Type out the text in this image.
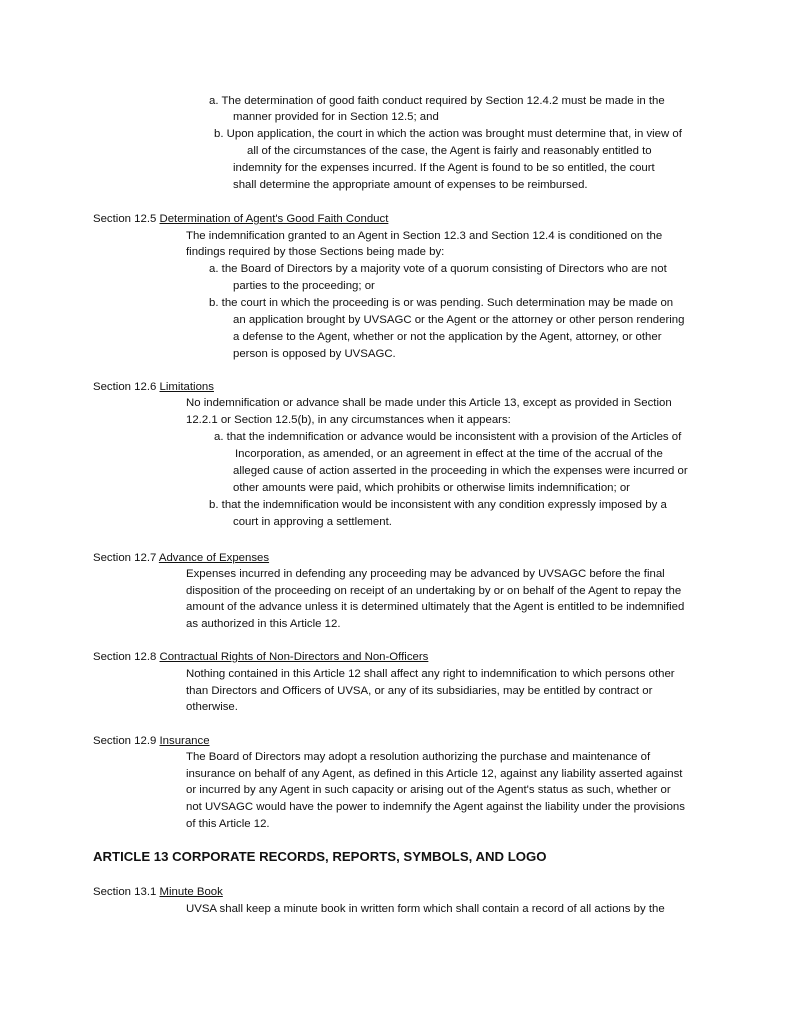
a. The determination of good faith conduct required by Section 12.4.2 must be made in the
manner provided for in Section 12.5; and
b. Upon application, the court in which the action was brought must determine that, in view of
all of the circumstances of the case, the Agent is fairly and reasonably entitled to
indemnity for the expenses incurred. If the Agent is found to be so entitled, the court
shall determine the appropriate amount of expenses to be reimbursed.
Section 12.5 Determination of Agent's Good Faith Conduct
The indemnification granted to an Agent in Section 12.3 and Section 12.4 is conditioned on the
findings required by those Sections being made by:
a. the Board of Directors by a majority vote of a quorum consisting of Directors who are not
parties to the proceeding; or
b. the court in which the proceeding is or was pending. Such determination may be made on
an application brought by UVSAGC or the Agent or the attorney or other person rendering
a defense to the Agent, whether or not the application by the Agent, attorney, or other
person is opposed by UVSAGC.
Section 12.6 Limitations
No indemnification or advance shall be made under this Article 13, except as provided in Section
12.2.1 or Section 12.5(b), in any circumstances when it appears:
a. that the indemnification or advance would be inconsistent with a provision of the Articles of
Incorporation, as amended, or an agreement in effect at the time of the accrual of the
alleged cause of action asserted in the proceeding in which the expenses were incurred or
other amounts were paid, which prohibits or otherwise limits indemnification; or
b. that the indemnification would be inconsistent with any condition expressly imposed by a
court in approving a settlement.
Section 12.7 Advance of Expenses
Expenses incurred in defending any proceeding may be advanced by UVSAGC before the final
disposition of the proceeding on receipt of an undertaking by or on behalf of the Agent to repay the
amount of the advance unless it is determined ultimately that the Agent is entitled to be indemnified
as authorized in this Article 12.
Section 12.8 Contractual Rights of Non-Directors and Non-Officers
Nothing contained in this Article 12 shall affect any right to indemnification to which persons other
than Directors and Officers of UVSA, or any of its subsidiaries, may be entitled by contract or
otherwise.
Section 12.9 Insurance
The Board of Directors may adopt a resolution authorizing the purchase and maintenance of
insurance on behalf of any Agent, as defined in this Article 12, against any liability asserted against
or incurred by any Agent in such capacity or arising out of the Agent's status as such, whether or
not UVSAGC would have the power to indemnify the Agent against the liability under the provisions
of this Article 12.
ARTICLE 13 CORPORATE RECORDS, REPORTS, SYMBOLS, AND LOGO
Section 13.1 Minute Book
UVSA shall keep a minute book in written form which shall contain a record of all actions by the
